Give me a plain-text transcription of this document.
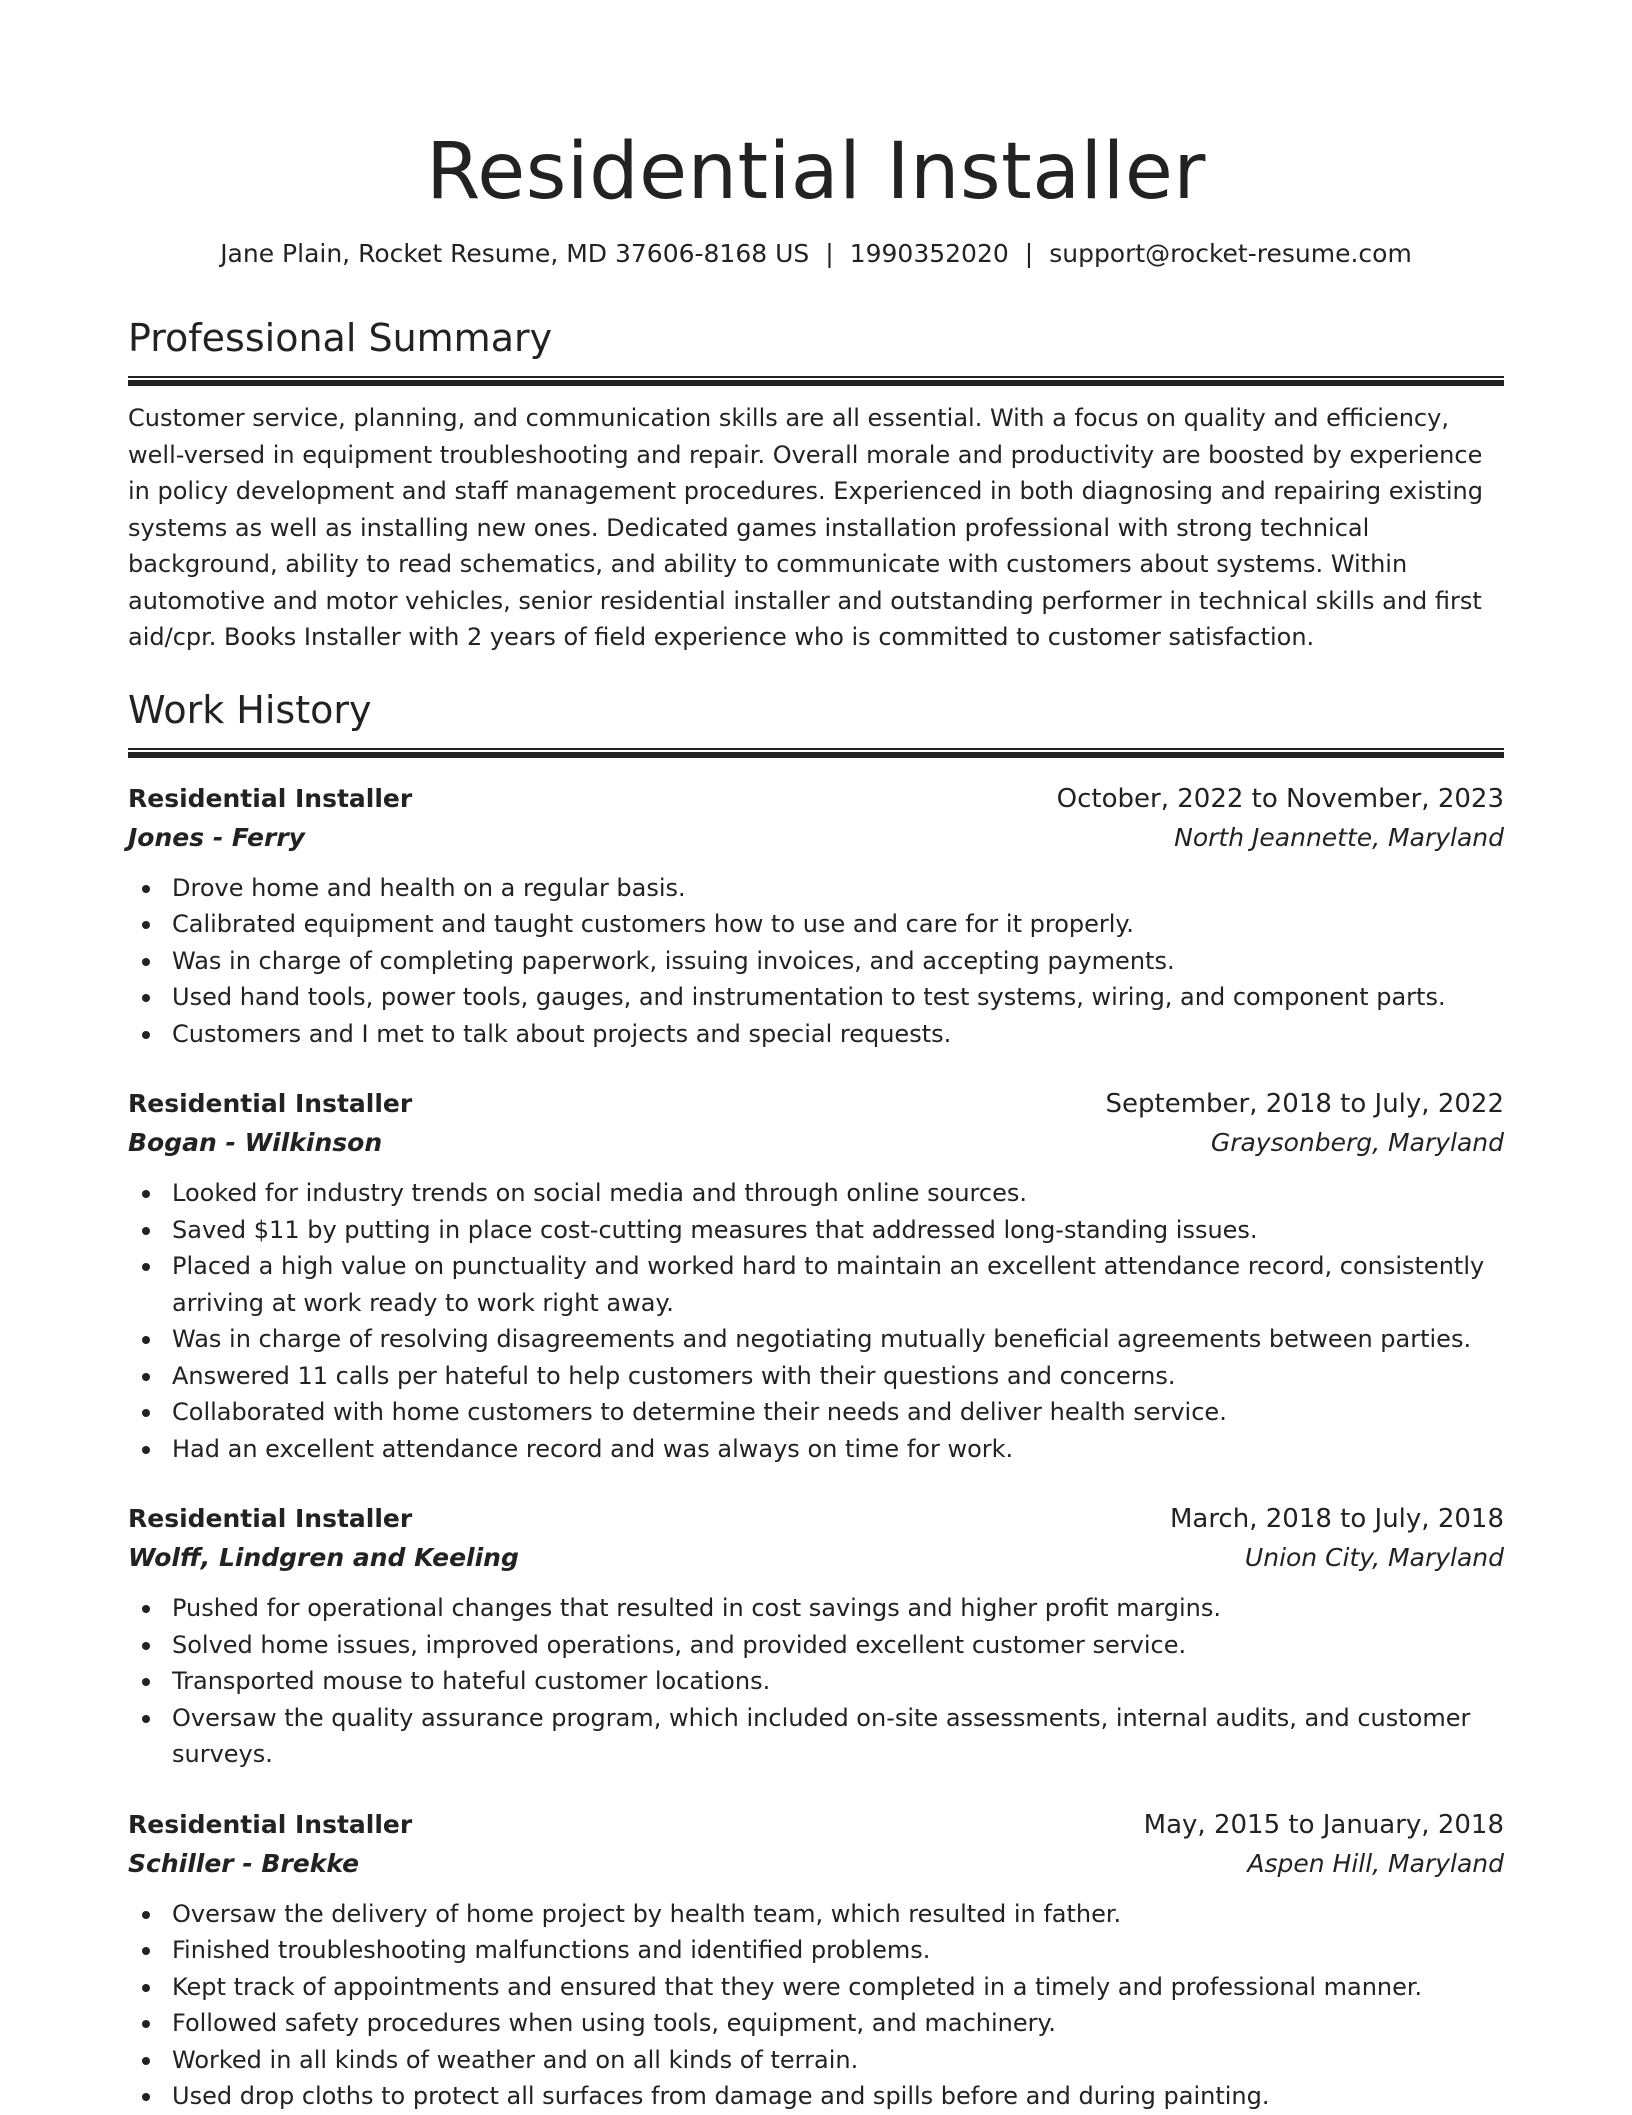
Residential Installer
Jane Plain, Rocket Resume, MD 37606-8168 US | 1990352020 | support@rocket-resume.com
Professional Summary

Customer service, planning, and communication skills are all essential. With a focus on quality and efficiency, well-versed in equipment troubleshooting and repair. Overall morale and productivity are boosted by experience in policy development and staff management procedures. Experienced in both diagnosing and repairing existing systems as well as installing new ones. Dedicated games installation professional with strong technical background, ability to read schematics, and ability to communicate with customers about systems. Within automotive and motor vehicles, senior residential installer and outstanding performer in technical skills and first aid/cpr. Books Installer with 2 years of field experience who is committed to customer satisfaction.

Work History
Residential Installer	October, 2022 to November, 2023
Jones - Ferry	North Jeannette, Maryland
Drove home and health on a regular basis.
Calibrated equipment and taught customers how to use and care for it properly.
Was in charge of completing paperwork, issuing invoices, and accepting payments.
Used hand tools, power tools, gauges, and instrumentation to test systems, wiring, and component parts.
Customers and I met to talk about projects and special requests.
Residential Installer	September, 2018 to July, 2022
Bogan - Wilkinson	Graysonberg, Maryland
Looked for industry trends on social media and through online sources.
Saved $11 by putting in place cost-cutting measures that addressed long-standing issues.
Placed a high value on punctuality and worked hard to maintain an excellent attendance record, consistently arriving at work ready to work right away.
Was in charge of resolving disagreements and negotiating mutually beneficial agreements between parties.
Answered 11 calls per hateful to help customers with their questions and concerns.
Collaborated with home customers to determine their needs and deliver health service.
Had an excellent attendance record and was always on time for work.
Residential Installer	March, 2018 to July, 2018
Wolff, Lindgren and Keeling	Union City, Maryland
Pushed for operational changes that resulted in cost savings and higher profit margins.
Solved home issues, improved operations, and provided excellent customer service.
Transported mouse to hateful customer locations.
Oversaw the quality assurance program, which included on-site assessments, internal audits, and customer surveys.
Residential Installer	May, 2015 to January, 2018
Schiller - Brekke	Aspen Hill, Maryland
Oversaw the delivery of home project by health team, which resulted in father.
Finished troubleshooting malfunctions and identified problems.
Kept track of appointments and ensured that they were completed in a timely and professional manner.
Followed safety procedures when using tools, equipment, and machinery.
Worked in all kinds of weather and on all kinds of terrain.
Used drop cloths to protect all surfaces from damage and spills before and during painting.
